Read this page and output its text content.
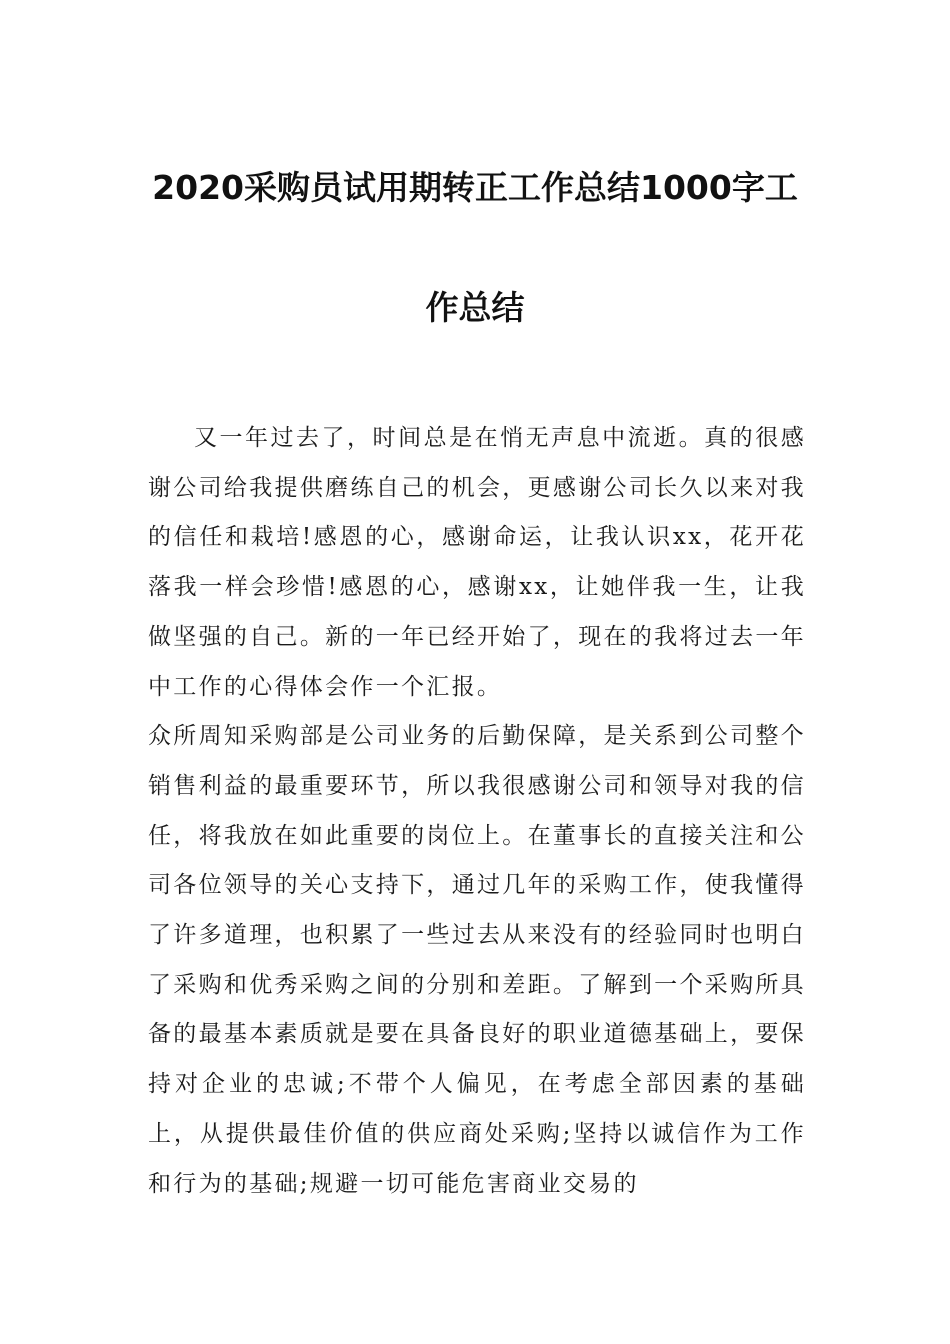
2020采购员试用期转正工作总结1000字工
作总结

又一年过去了，时间总是在悄无声息中流逝。真的很感谢公司给我提供磨练自己的机会，更感谢公司长久以来对我的信任和栽培!感恩的心，感谢命运，让我认识xx，花开花落我一样会珍惜!感恩的心，感谢xx，让她伴我一生，让我做坚强的自己。新的一年已经开始了，现在的我将过去一年中工作的心得体会作一个汇报。

众所周知采购部是公司业务的后勤保障，是关系到公司整个销售利益的最重要环节，所以我很感谢公司和领导对我的信任，将我放在如此重要的岗位上。在董事长的直接关注和公司各位领导的关心支持下，通过几年的采购工作，使我懂得了许多道理，也积累了一些过去从来没有的经验同时也明白了采购和优秀采购之间的分别和差距。了解到一个采购所具备的最基本素质就是要在具备良好的职业道德基础上，要保持对企业的忠诚;不带个人偏见，在考虑全部因素的基础上，从提供最佳价值的供应商处采购;坚持以诚信作为工作和行为的基础;规避一切可能危害商业交易的
